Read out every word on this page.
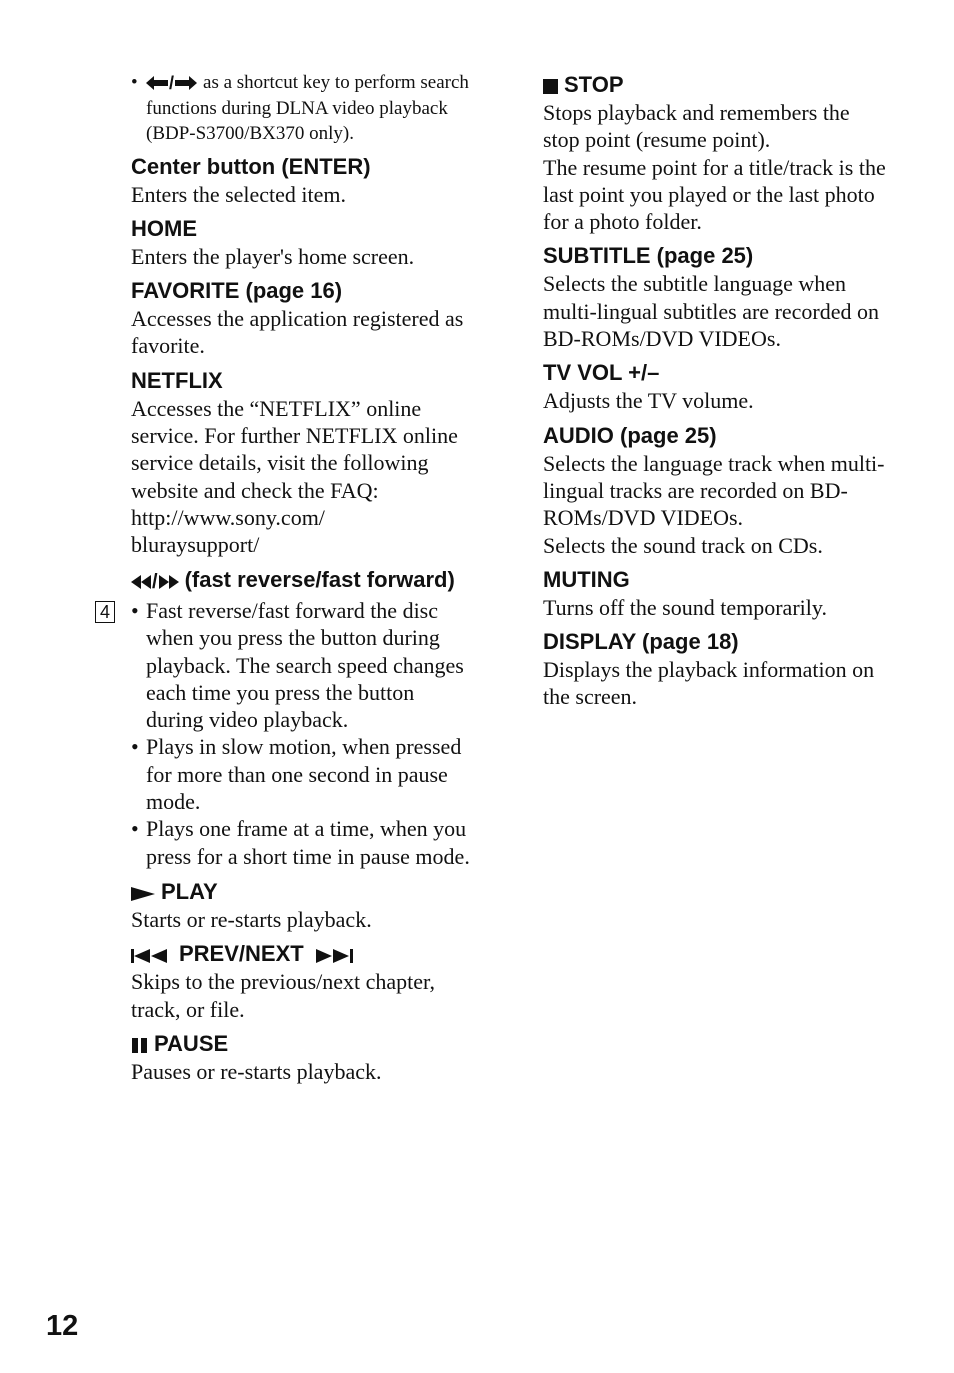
• / as a shortcut key to perform search functions during DLNA video playback (BDP-S3700/BX370 only).

Center button (ENTER)

Enters the selected item.

HOME

Enters the player's home screen.

FAVORITE (page 16)

Accesses the application registered as favorite.

NETFLIX

Accesses the “NETFLIX” online service. For further NETFLIX online service details, visit the following website and check the FAQ:

http://www.sony.com/

bluraysupport/

/ (fast reverse/fast forward)

• Fast reverse/fast forward the disc when you press the button during playback. The search speed changes each time you press the button during video playback.

• Plays in slow motion, when pressed for more than one second in pause mode.

• Plays one frame at a time, when you press for a short time in pause mode.

PLAY

Starts or re-starts playback.

PREV/NEXT

Skips to the previous/next chapter, track, or file.

PAUSE

Pauses or re-starts playback.

4
STOP

Stops playback and remembers the stop point (resume point).

The resume point for a title/track is the last point you played or the last photo for a photo folder.

SUBTITLE (page 25)

Selects the subtitle language when multi-lingual subtitles are recorded on BD-ROMs/DVD VIDEOs.

TV VOL +/–

Adjusts the TV volume.

AUDIO (page 25)

Selects the language track when multi-lingual tracks are recorded on BD-ROMs/DVD VIDEOs.

Selects the sound track on CDs.

MUTING

Turns off the sound temporarily.

DISPLAY (page 18)

Displays the playback information on the screen.

12
